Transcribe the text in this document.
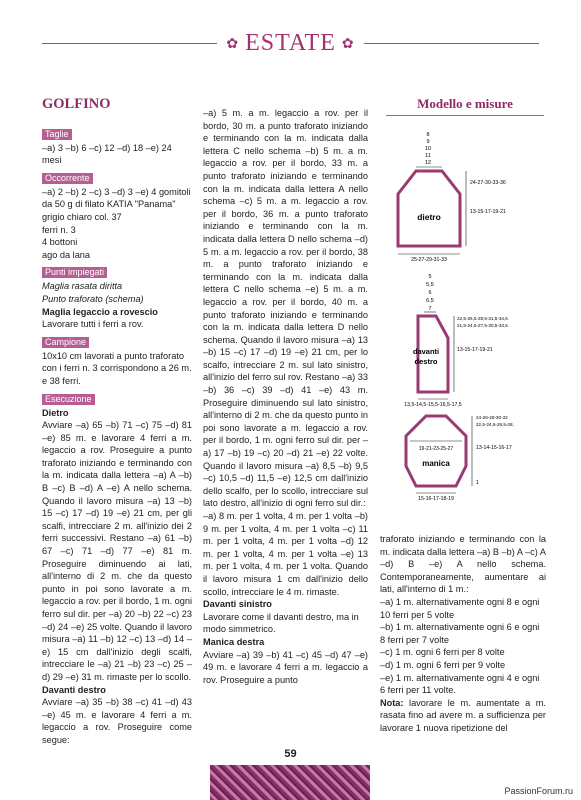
✿ ESTATE ✿
GOLFINO
Taglie

–a) 3 –b) 6 –c) 12 –d) 18 –e) 24 mesi

Occorrente

–a) 2 –b) 2 –c) 3 –d) 3 –e) 4 gomitoli da 50 g di filato KATIA "Panama" grigio chiaro col. 37

ferri n. 3

4 bottoni

ago da lana

Punti impiegati

Maglia rasata diritta

Punto traforato (schema)

Maglia legaccio a rovescio

Lavorare tutti i ferri a rov.

Campione

10x10 cm lavorati a punto traforato con i ferri n. 3 corrispondono a 26 m. e 38 ferri.

Esecuzione

Dietro

Avviare –a) 65 –b) 71 –c) 75 –d) 81 –e) 85 m. e lavorare 4 ferri a m. legaccio a rov. Proseguire a punto traforato iniziando e terminando con la m. indicata dalla lettera –a) A –b) B –c) B –d) A –e) A nello schema. Quando il lavoro misura –a) 13 –b) 15 –c) 17 –d) 19 –e) 21 cm, per gli scalfi, intrecciare 2 m. all'inizio dei 2 ferri successivi. Restano –a) 61 –b) 67 –c) 71 –d) 77 –e) 81 m. Proseguire diminuendo ai lati, all'interno di 2 m. che da questo punto in poi sono lavorate a m. legaccio a rov. per il bordo, 1 m. ogni ferro sul dir. per –a) 20 –b) 22 –c) 23 –d) 24 –e) 25 volte. Quando il lavoro misura –a) 11 –b) 12 –c) 13 –d) 14 –e) 15 cm dall'inizio degli scalfi, intrecciare le –a) 21 –b) 23 –c) 25 –d) 29 –e) 31 m. rimaste per lo scollo.

Davanti destro

Avviare –a) 35 –b) 38 –c) 41 –d) 43 –e) 45 m. e lavorare 4 ferri a m. legaccio a rov. Proseguire come segue:

–a) 5 m. a m. legaccio a rov. per il bordo, 30 m. a punto traforato iniziando e terminando con la m. indicata dalla lettera C nello schema –b) 5 m. a m. legaccio a rov. per il bordo, 33 m. a punto traforato iniziando e terminando con la m. indicata dalla lettera A nello schema –c) 5 m. a m. legaccio a rov. per il bordo, 36 m. a punto traforato iniziando e terminando con la m. indicata dalla lettera D nello schema –d) 5 m. a m. legaccio a rov. per il bordo, 38 m. a punto traforato iniziando e terminando con la m. indicata dalla lettera C nello schema –e) 5 m. a m. legaccio a rov. per il bordo, 40 m. a punto traforato iniziando e terminando con la m. indicata dalla lettera D nello schema. Quando il lavoro misura –a) 13 –b) 15 –c) 17 –d) 19 –e) 21 cm, per lo scalfo, intrecciare 2 m. sul lato sinistro, all'inizio del ferro sul rov. Restano –a) 33 –b) 36 –c) 39 –d) 41 –e) 43 m. Proseguire diminuendo sul lato sinistro, all'interno di 2 m. che da questo punto in poi sono lavorate a m. legaccio a rov. per il bordo, 1 m. ogni ferro sul dir. per –a) 17 –b) 19 –c) 20 –d) 21 –e) 22 volte. Quando il lavoro misura –a) 8,5 –b) 9,5 –c) 10,5 –d) 11,5 –e) 12,5 cm dall'inizio dello scalfo, per lo scollo, intrecciare sul lato destro, all'inizio di ogni ferro sul dir.:

–a) 8 m. per 1 volta, 4 m. per 1 volta –b) 9 m. per 1 volta, 4 m. per 1 volta –c) 11 m. per 1 volta, 4 m. per 1 volta –d) 12 m. per 1 volta, 4 m. per 1 volta –e) 13 m. per 1 volta, 4 m. per 1 volta. Quando il lavoro misura 1 cm dall'inizio dello scollo, intrecciare le 4 m. rimaste.

Davanti sinistro

Lavorare come il davanti destro, ma in modo simmetrico.

Manica destra

Avviare –a) 39 –b) 41 –c) 45 –d) 47 –e) 49 m. e lavorare 4 ferri a m. legaccio a rov. Proseguire a punto

Modello e misure
8
9
10
11
12
dietro
24-27-30-33-36
13-15-17-19-21
25-27-29-31-33
5
5,5
6
6,5
7
davanti
destro
22,5-25,5-28,5-31,5-34,5
21,5-24,5-27,5-30,5-33,5
13-15-17-19-21
13,5-14,5-15,5-16,5-17,5
19-21-23-25-27
manica
24-26-28-30-32
22,5-24,5-26,5-28,
13-14-15-16-17
1
15-16-17-18-19

traforato iniziando e terminando con la m. indicata dalla lettera –a) B –b) A –c) A –d) B –e) A nello schema. Contemporaneamente, aumentare ai lati, all'interno di 1 m.:

–a) 1 m. alternativamente ogni 8 e ogni 10 ferri per 5 volte

–b) 1 m. alternativamente ogni 6 e ogni 8 ferri per 7 volte

–c) 1 m. ogni 6 ferri per 8 volte

–d) 1 m. ogni 6 ferri per 9 volte

–e) 1 m. alternativamente ogni 4 e ogni 6 ferri per 11 volte.

Nota: lavorare le m. aumentate a m. rasata fino ad avere m. a sufficienza per lavorare 1 nuova ripetizione del

59
PassionForum.ru
